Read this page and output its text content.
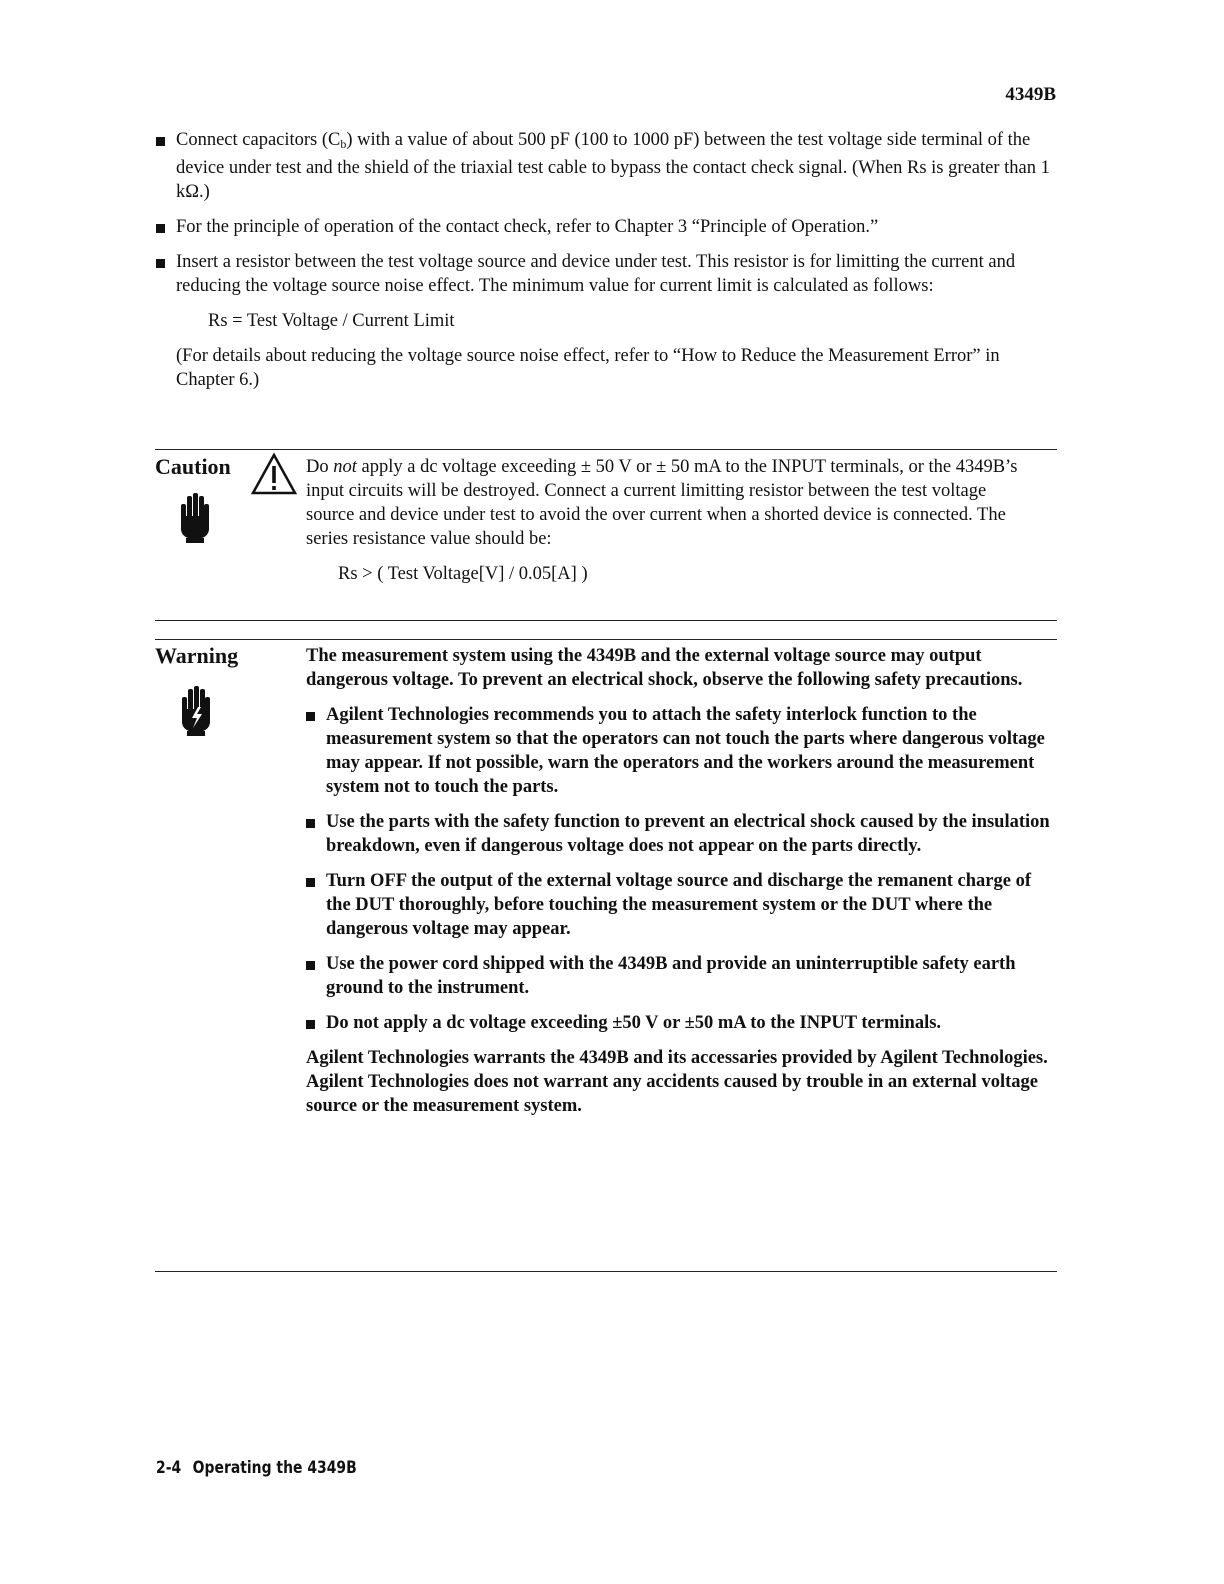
4349B
Connect capacitors $(C_b)$ with a value of about 500 pF (100 to 1000 pF) between the test voltage side terminal of the device under test and the shield of the triaxial test cable to bypass the contact check signal. (When Rs is greater than 1 kΩ.)
For the principle of operation of the contact check, refer to Chapter 3 “Principle of Operation.”
Insert a resistor between the test voltage source and device under test. This resistor is for limitting the current and reducing the voltage source noise effect. The minimum value for current limit is calculated as follows:
Rs = Test Voltage / Current Limit
(For details about reducing the voltage source noise effect, refer to “How to Reduce the Measurement Error” in Chapter 6.)
Caution	Do not apply a dc voltage exceeding ± 50 V or ± 50 mA to the INPUT terminals, or the 4349B’s input circuits will be destroyed. Connect a current limitting resistor between the test voltage source and device under test to avoid the over current when a shorted device is connected. The series resistance value should be:

Rs > ( Test Voltage[V] / 0.05[A] )

Warning	The measurement system using the 4349B and the external voltage source may output dangerous voltage. To prevent an electrical shock, observe the following safety precautions.

Agilent Technologies recommends you to attach the safety interlock function to the measurement system so that the operators can not touch the parts where dangerous voltage may appear. If not possible, warn the operators and the workers around the measurement system not to touch the parts.
Use the parts with the safety function to prevent an electrical shock caused by the insulation breakdown, even if dangerous voltage does not appear on the parts directly.
Turn OFF the output of the external voltage source and discharge the remanent charge of the DUT thoroughly, before touching the measurement system or the DUT where the dangerous voltage may appear.
Use the power cord shipped with the 4349B and provide an uninterruptible safety earth ground to the instrument.
Do not apply a dc voltage exceeding ±50 V or ±50 mA to the INPUT terminals.

Agilent Technologies warrants the 4349B and its accessaries provided by Agilent Technologies. Agilent Technologies does not warrant any accidents caused by trouble in an external voltage source or the measurement system.

2-4 Operating the 4349B
